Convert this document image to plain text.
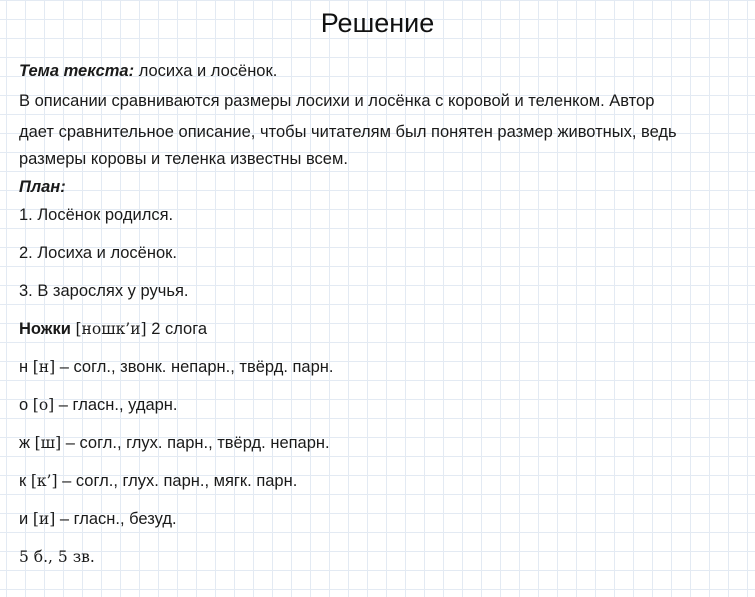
Решение
Тема текста: лосиха и лосёнок.
В описании сравниваются размеры лосихи и лосёнка с коровой и теленком. Автор
дает сравнительное описание, чтобы читателям был понятен размер животных, ведь
размеры коровы и теленка известны всем.
План:
1. Лосёнок родился.
2. Лосиха и лосёнок.
3. В зарослях у ручья.
Ножки [нoшк’и] 2 слога
н [н] – согл., звонк. непарн., твёрд. парн.
о [о] – гласн., ударн.
ж [ш] – согл., глух. парн., твёрд. непарн.
к [к’] – согл., глух. парн., мягк. парн.
и [и] – гласн., безуд.
5 б., 5 зв.
